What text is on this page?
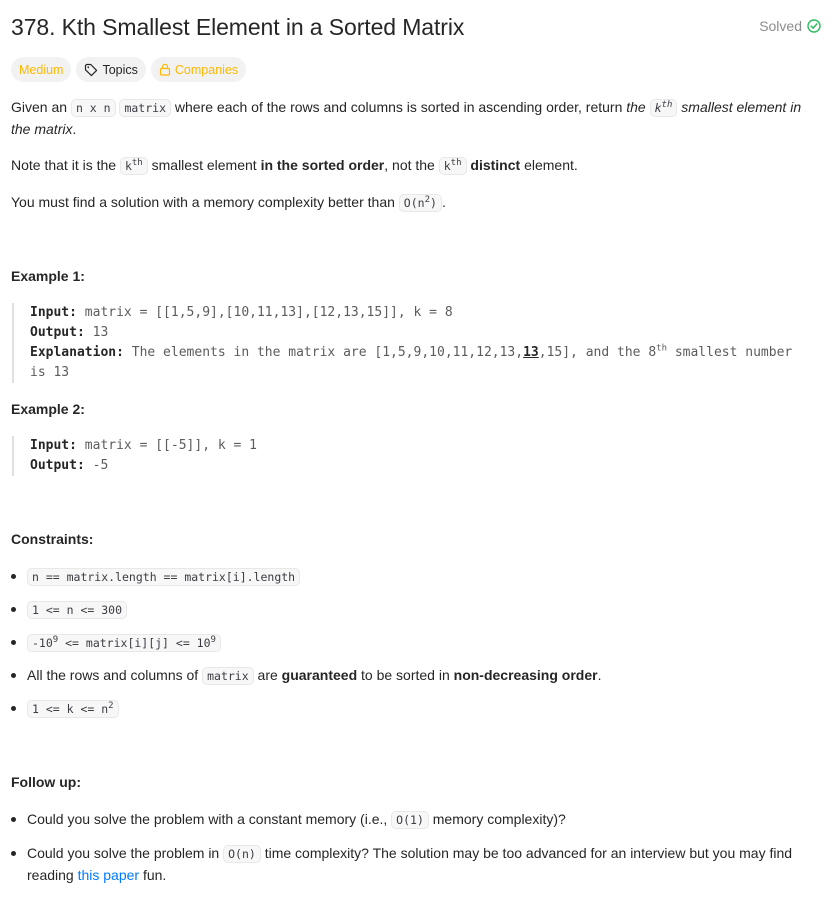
378. Kth Smallest Element in a Sorted Matrix	Solved
Medium	Topics	Companies

Given an n x n matrix where each of the rows and columns is sorted in ascending order, return the $k^{th}$ smallest element in the matrix.

Note that it is the $k^{th}$ smallest element in the sorted order, not the $k^{th}$ distinct element.

You must find a solution with a memory complexity better than $O(n^2)$ .

Example 1:

Input: matrix = [[1,5,9],[10,11,13],[12,13,15]], k = 8
Output: 13
Explanation: The elements in the matrix are [1,5,9,10,11,12,13,13,15], and the 8th smallest number is 13

Example 2:

Input: matrix = [[-5]], k = 1
Output: -5

Constraints:

n == matrix.length == matrix[i].length
1 <= n <= 300
$-10^9$ <= matrix[i][j] <= $10^9$
All the rows and columns of matrix are guaranteed to be sorted in non-decreasing order.
$1 <= k <= n^2$

Follow up:

Could you solve the problem with a constant memory (i.e., O(1) memory complexity)?
Could you solve the problem in O(n) time complexity? The solution may be too advanced for an interview but you may find reading this paper fun.
